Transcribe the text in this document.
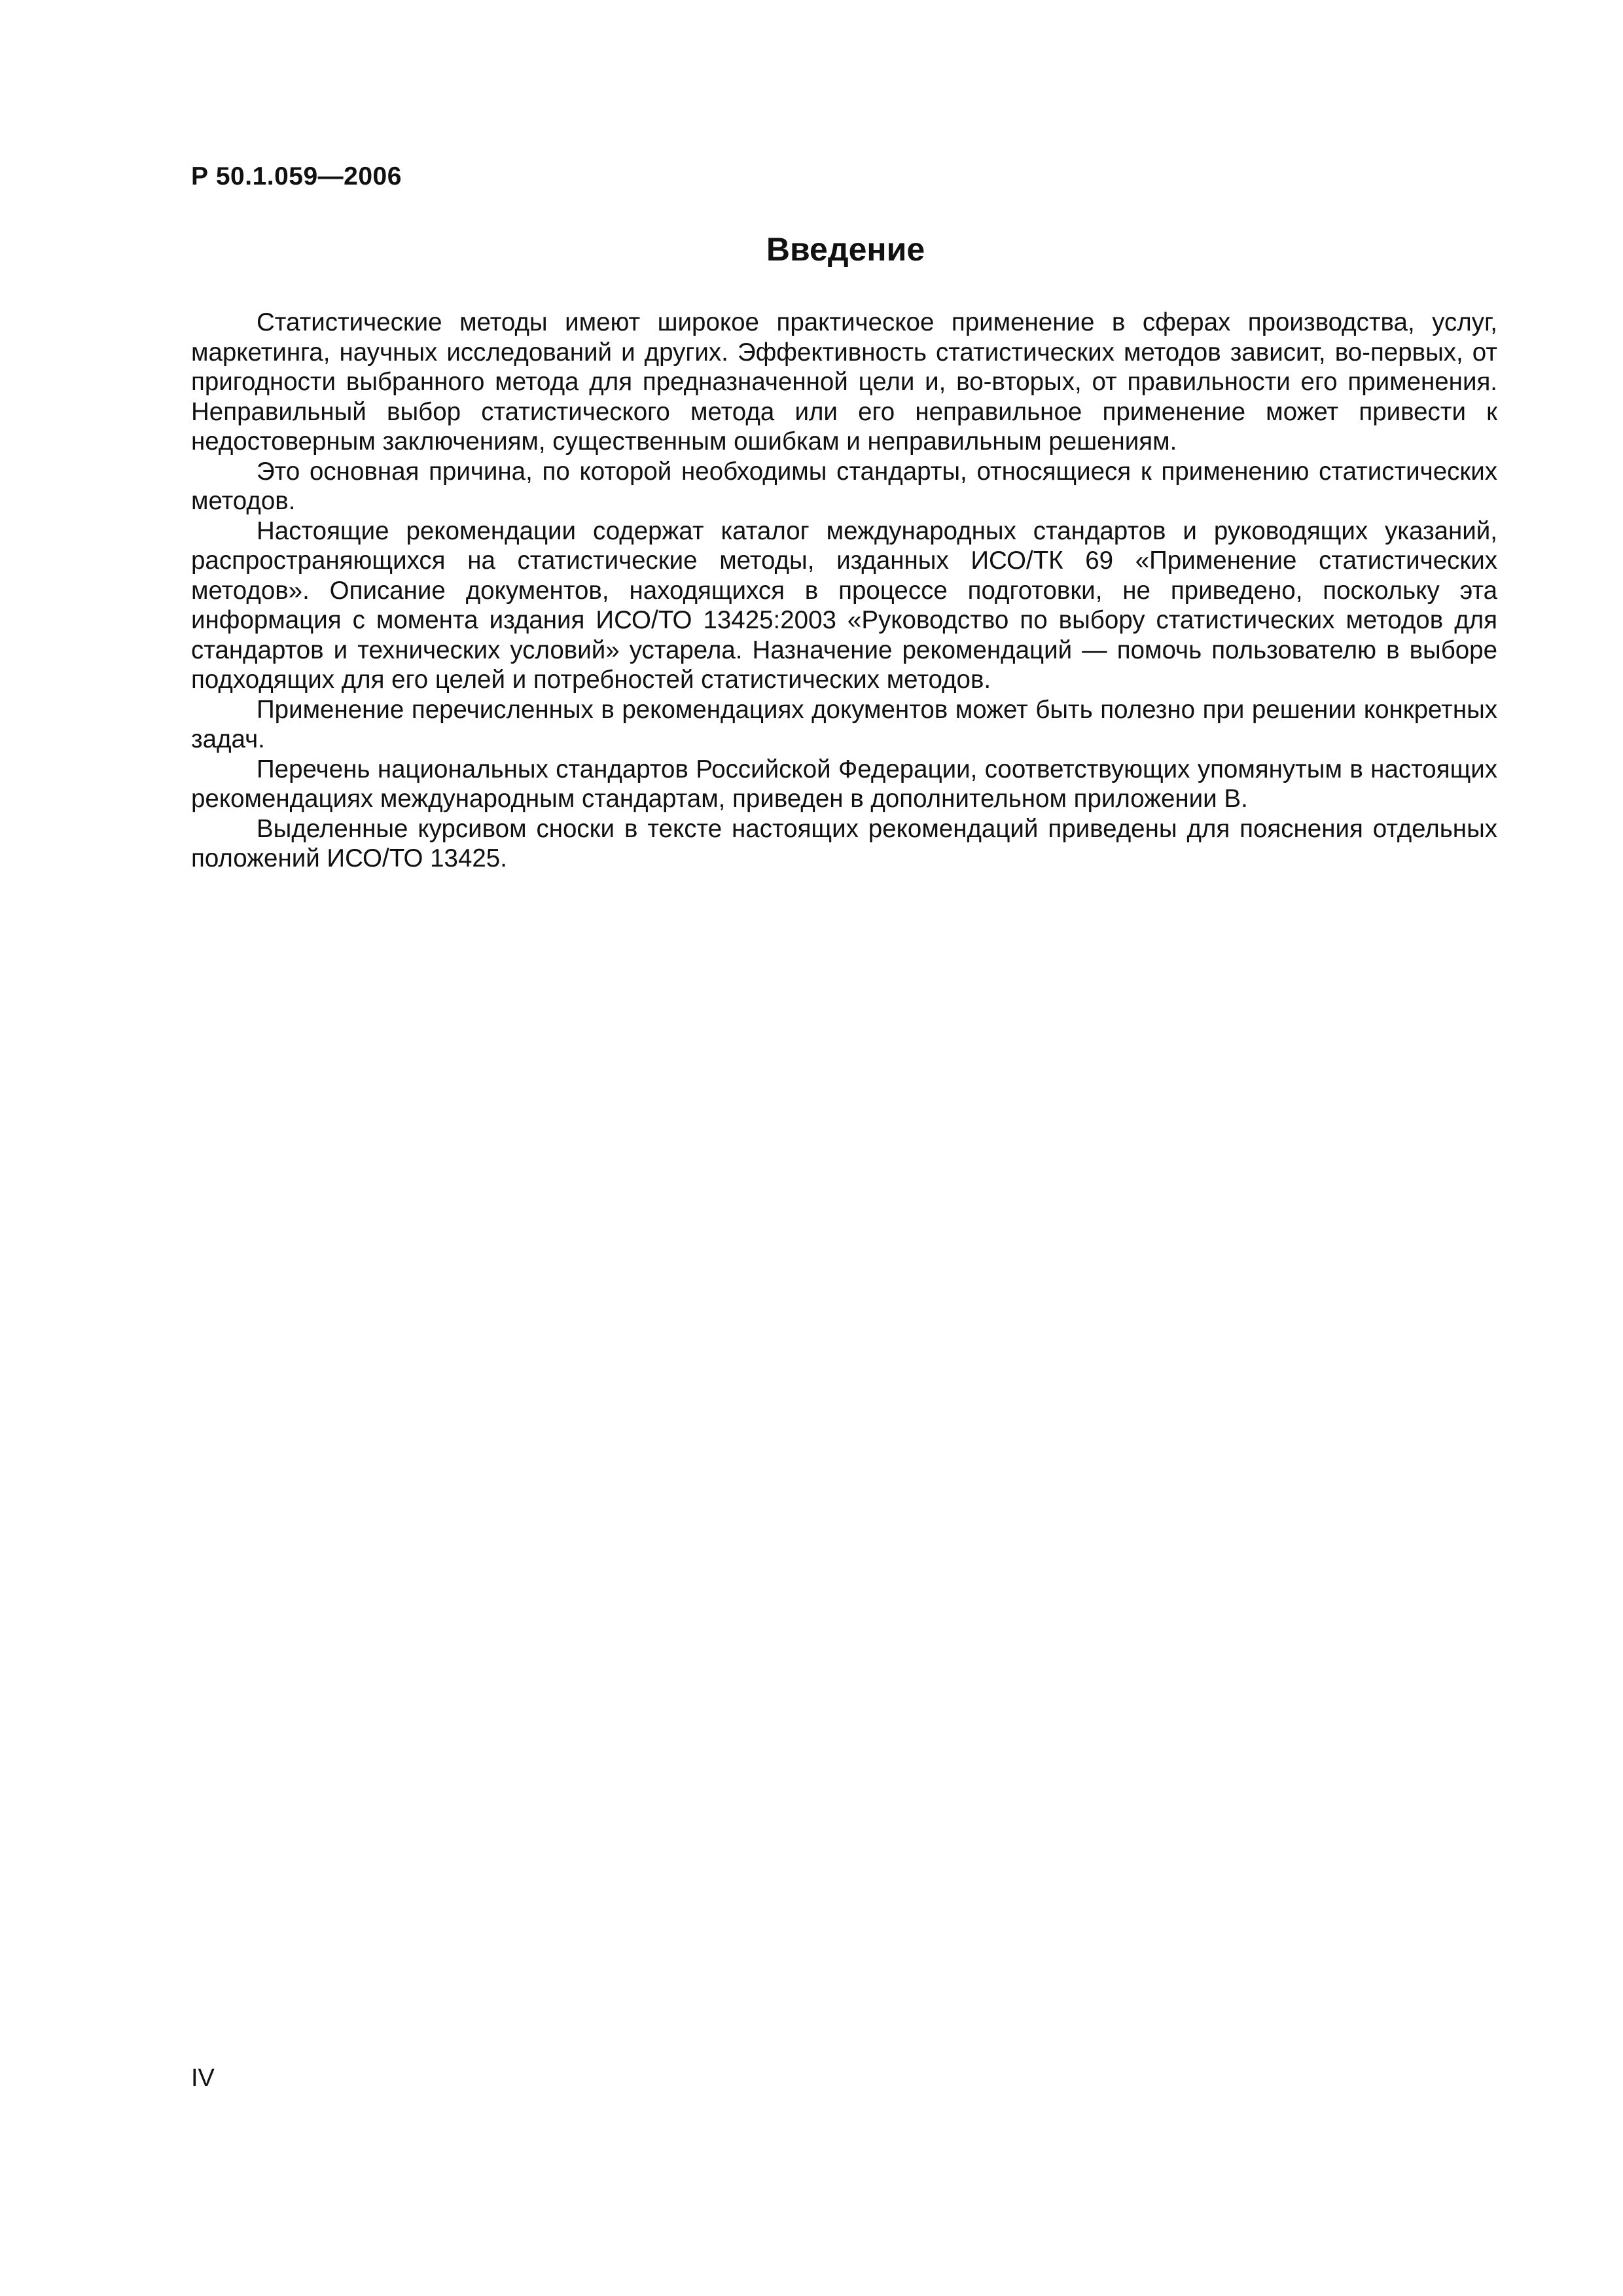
Р 50.1.059—2006
Введение

Статистические методы имеют широкое практическое применение в сферах производства, услуг, маркетинга, научных исследований и других. Эффективность статистических методов зависит, во-первых, от пригодности выбранного метода для предназначенной цели и, во-вторых, от правильности его применения. Неправильный выбор статистического метода или его неправильное применение может привести к недостоверным заключениям, существенным ошибкам и неправильным решениям.

Это основная причина, по которой необходимы стандарты, относящиеся к применению статистических методов.

Настоящие рекомендации содержат каталог международных стандартов и руководящих указаний, распространяющихся на статистические методы, изданных ИСО/ТК 69 «Применение статистических методов». Описание документов, находящихся в процессе подготовки, не приведено, поскольку эта информация с момента издания ИСО/ТО 13425:2003 «Руководство по выбору статистических методов для стандартов и технических условий» устарела. Назначение рекомендаций — помочь пользователю в выборе подходящих для его целей и потребностей статистических методов.

Применение перечисленных в рекомендациях документов может быть полезно при решении конкретных задач.

Перечень национальных стандартов Российской Федерации, соответствующих упомянутым в настоящих рекомендациях международным стандартам, приведен в дополнительном приложении В.

Выделенные курсивом сноски в тексте настоящих рекомендаций приведены для пояснения отдельных положений ИСО/ТО 13425.

IV
